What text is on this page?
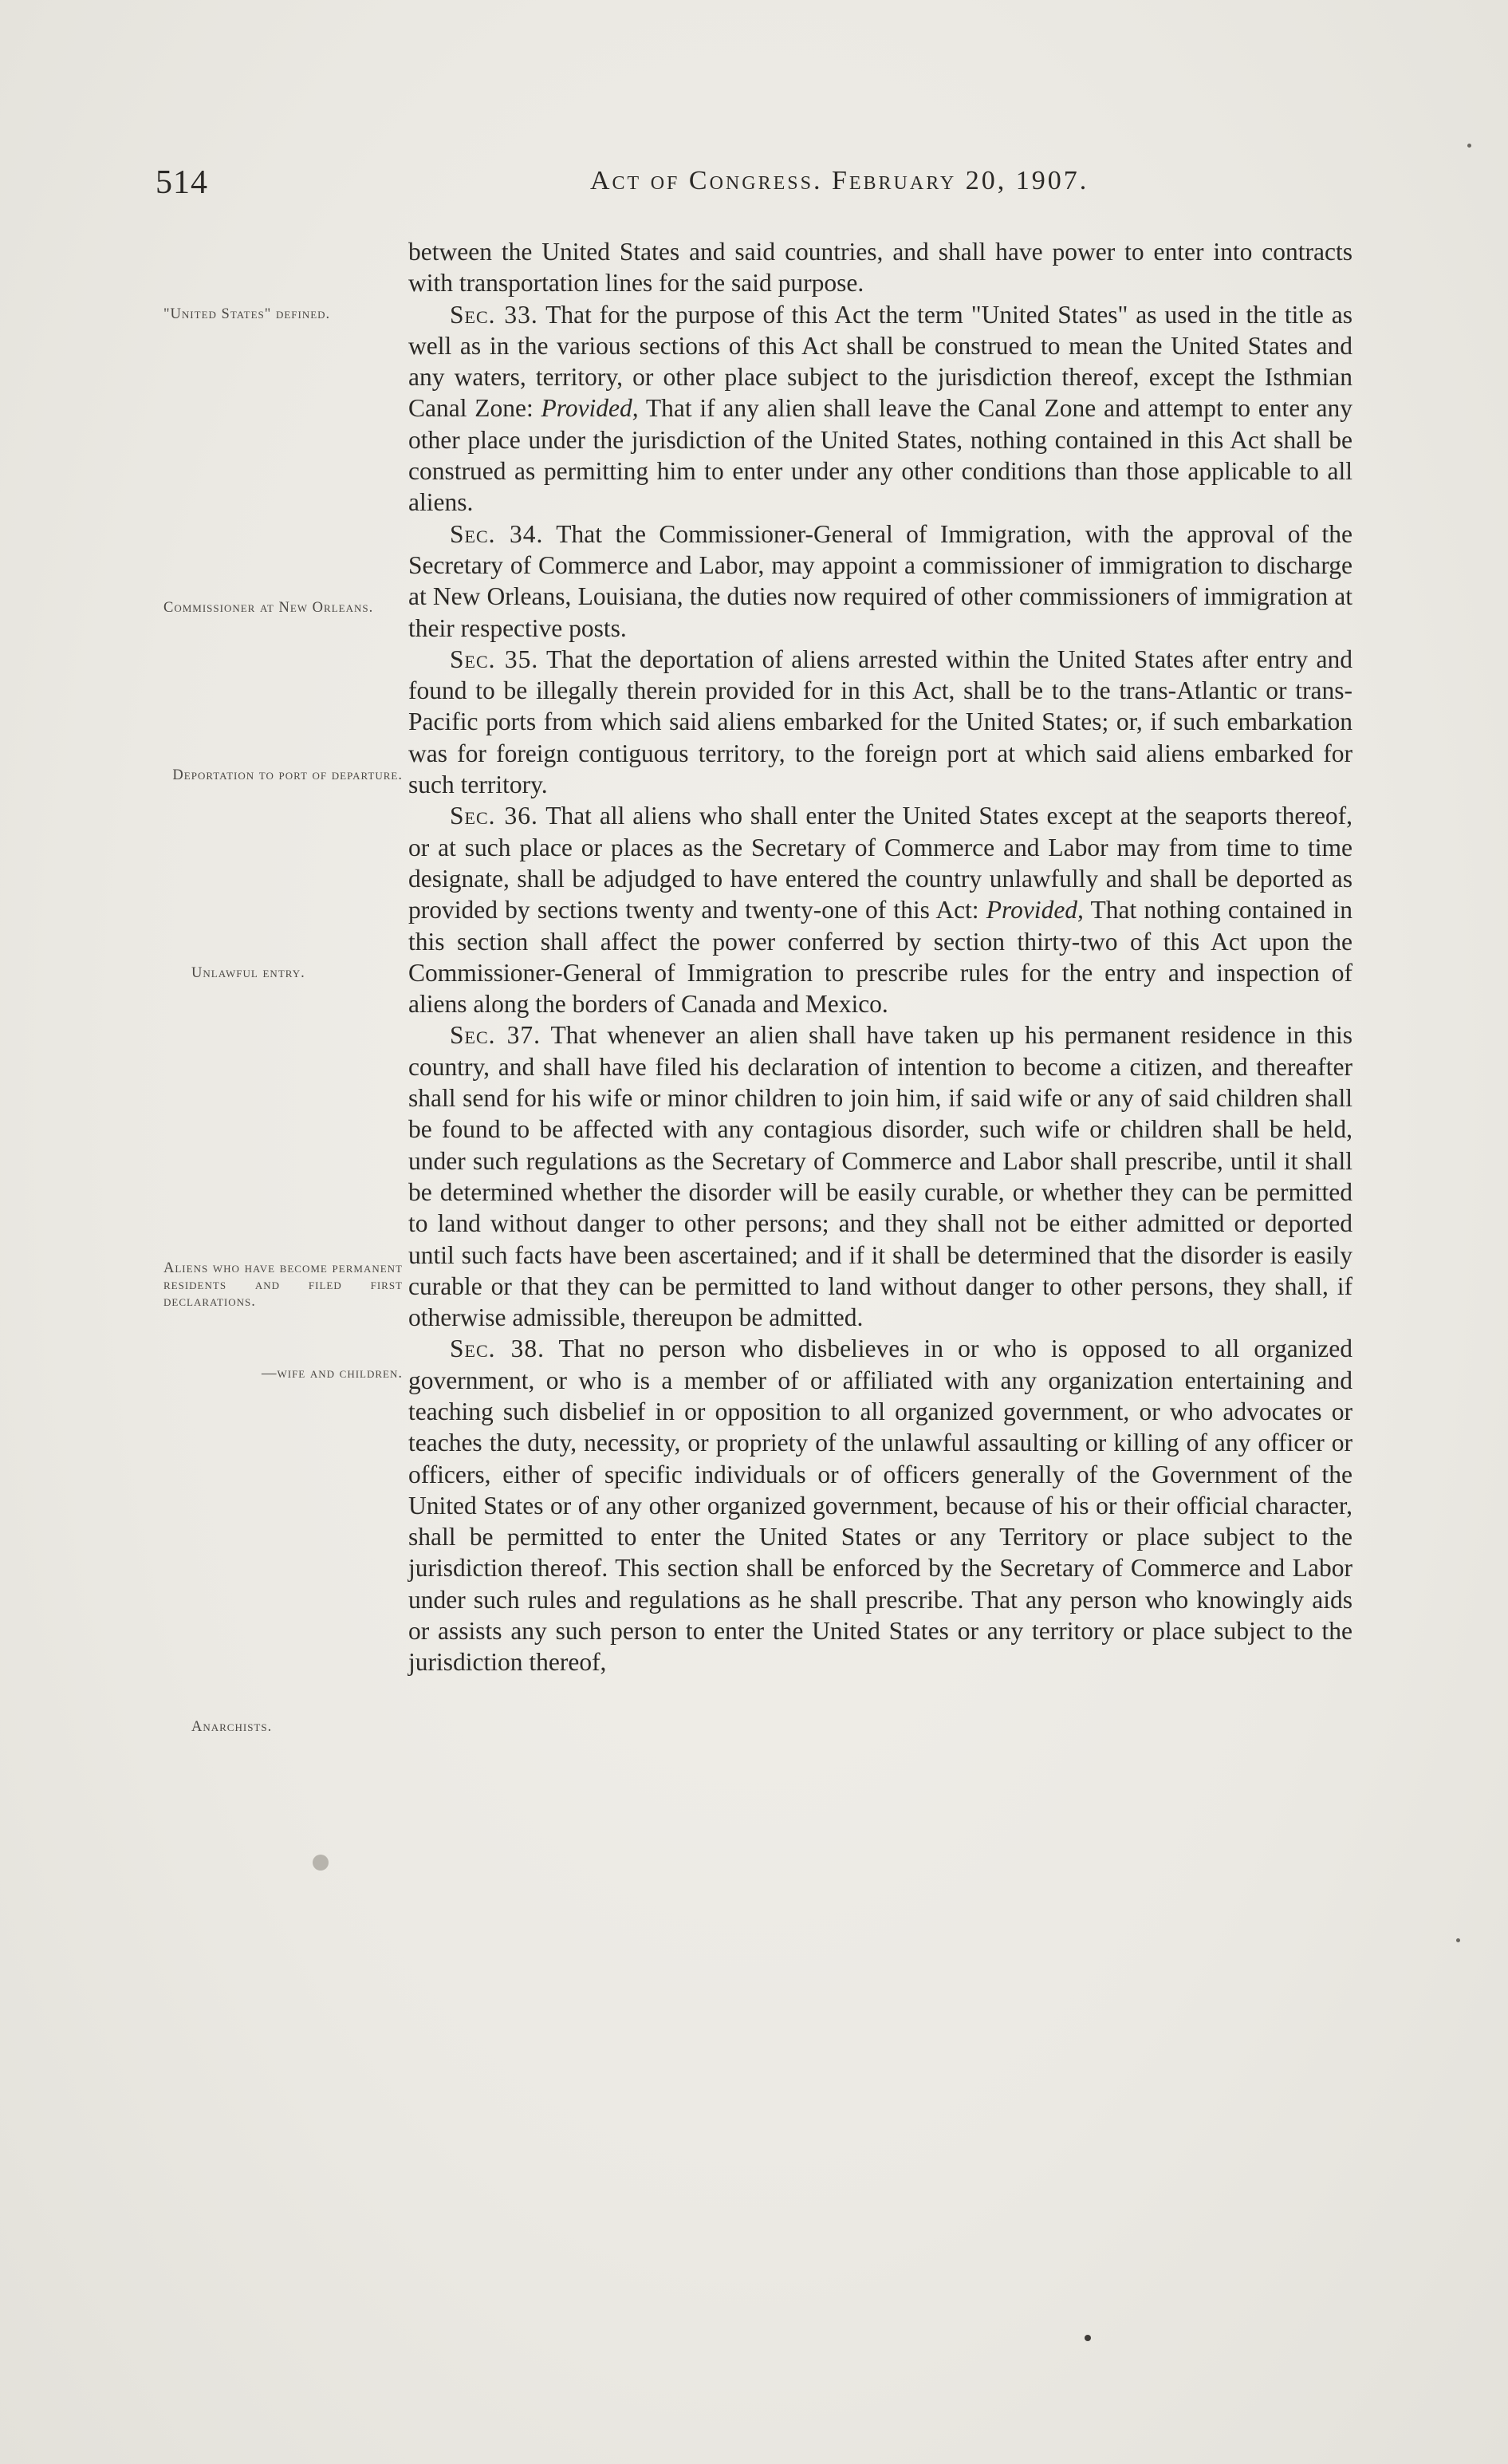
514	Act of Congress. February 20, 1907.
"United States" defined.
Commissioner at New Orleans.
Deportation to port of departure.
Unlawful entry.
Aliens who have become permanent residents and filed first declarations.
—wife and children.
Anarchists.

between the United States and said countries, and shall have power to enter into contracts with transportation lines for the said purpose.

Sec. 33. That for the purpose of this Act the term "United States" as used in the title as well as in the various sections of this Act shall be construed to mean the United States and any waters, territory, or other place subject to the jurisdiction thereof, except the Isthmian Canal Zone: Provided, That if any alien shall leave the Canal Zone and attempt to enter any other place under the jurisdiction of the United States, nothing contained in this Act shall be construed as permitting him to enter under any other conditions than those applicable to all aliens.

Sec. 34. That the Commissioner-General of Immigration, with the approval of the Secretary of Commerce and Labor, may appoint a commissioner of immigration to discharge at New Orleans, Louisiana, the duties now required of other commissioners of immigration at their respective posts.

Sec. 35. That the deportation of aliens arrested within the United States after entry and found to be illegally therein provided for in this Act, shall be to the trans-Atlantic or trans-Pacific ports from which said aliens embarked for the United States; or, if such embarkation was for foreign contiguous territory, to the foreign port at which said aliens embarked for such territory.

Sec. 36. That all aliens who shall enter the United States except at the seaports thereof, or at such place or places as the Secretary of Commerce and Labor may from time to time designate, shall be adjudged to have entered the country unlawfully and shall be deported as provided by sections twenty and twenty-one of this Act: Provided, That nothing contained in this section shall affect the power conferred by section thirty-two of this Act upon the Commissioner-General of Immigration to prescribe rules for the entry and inspection of aliens along the borders of Canada and Mexico.

Sec. 37. That whenever an alien shall have taken up his permanent residence in this country, and shall have filed his declaration of intention to become a citizen, and thereafter shall send for his wife or minor children to join him, if said wife or any of said children shall be found to be affected with any contagious disorder, such wife or children shall be held, under such regulations as the Secretary of Commerce and Labor shall prescribe, until it shall be determined whether the disorder will be easily curable, or whether they can be permitted to land without danger to other persons; and they shall not be either admitted or deported until such facts have been ascertained; and if it shall be determined that the disorder is easily curable or that they can be permitted to land without danger to other persons, they shall, if otherwise admissible, thereupon be admitted.

Sec. 38. That no person who disbelieves in or who is opposed to all organized government, or who is a member of or affiliated with any organization entertaining and teaching such disbelief in or opposition to all organized government, or who advocates or teaches the duty, necessity, or propriety of the unlawful assaulting or killing of any officer or officers, either of specific individuals or of officers generally of the Government of the United States or of any other organized government, because of his or their official character, shall be permitted to enter the United States or any Territory or place subject to the jurisdiction thereof. This section shall be enforced by the Secretary of Commerce and Labor under such rules and regulations as he shall prescribe. That any person who knowingly aids or assists any such person to enter the United States or any territory or place subject to the jurisdiction thereof,
